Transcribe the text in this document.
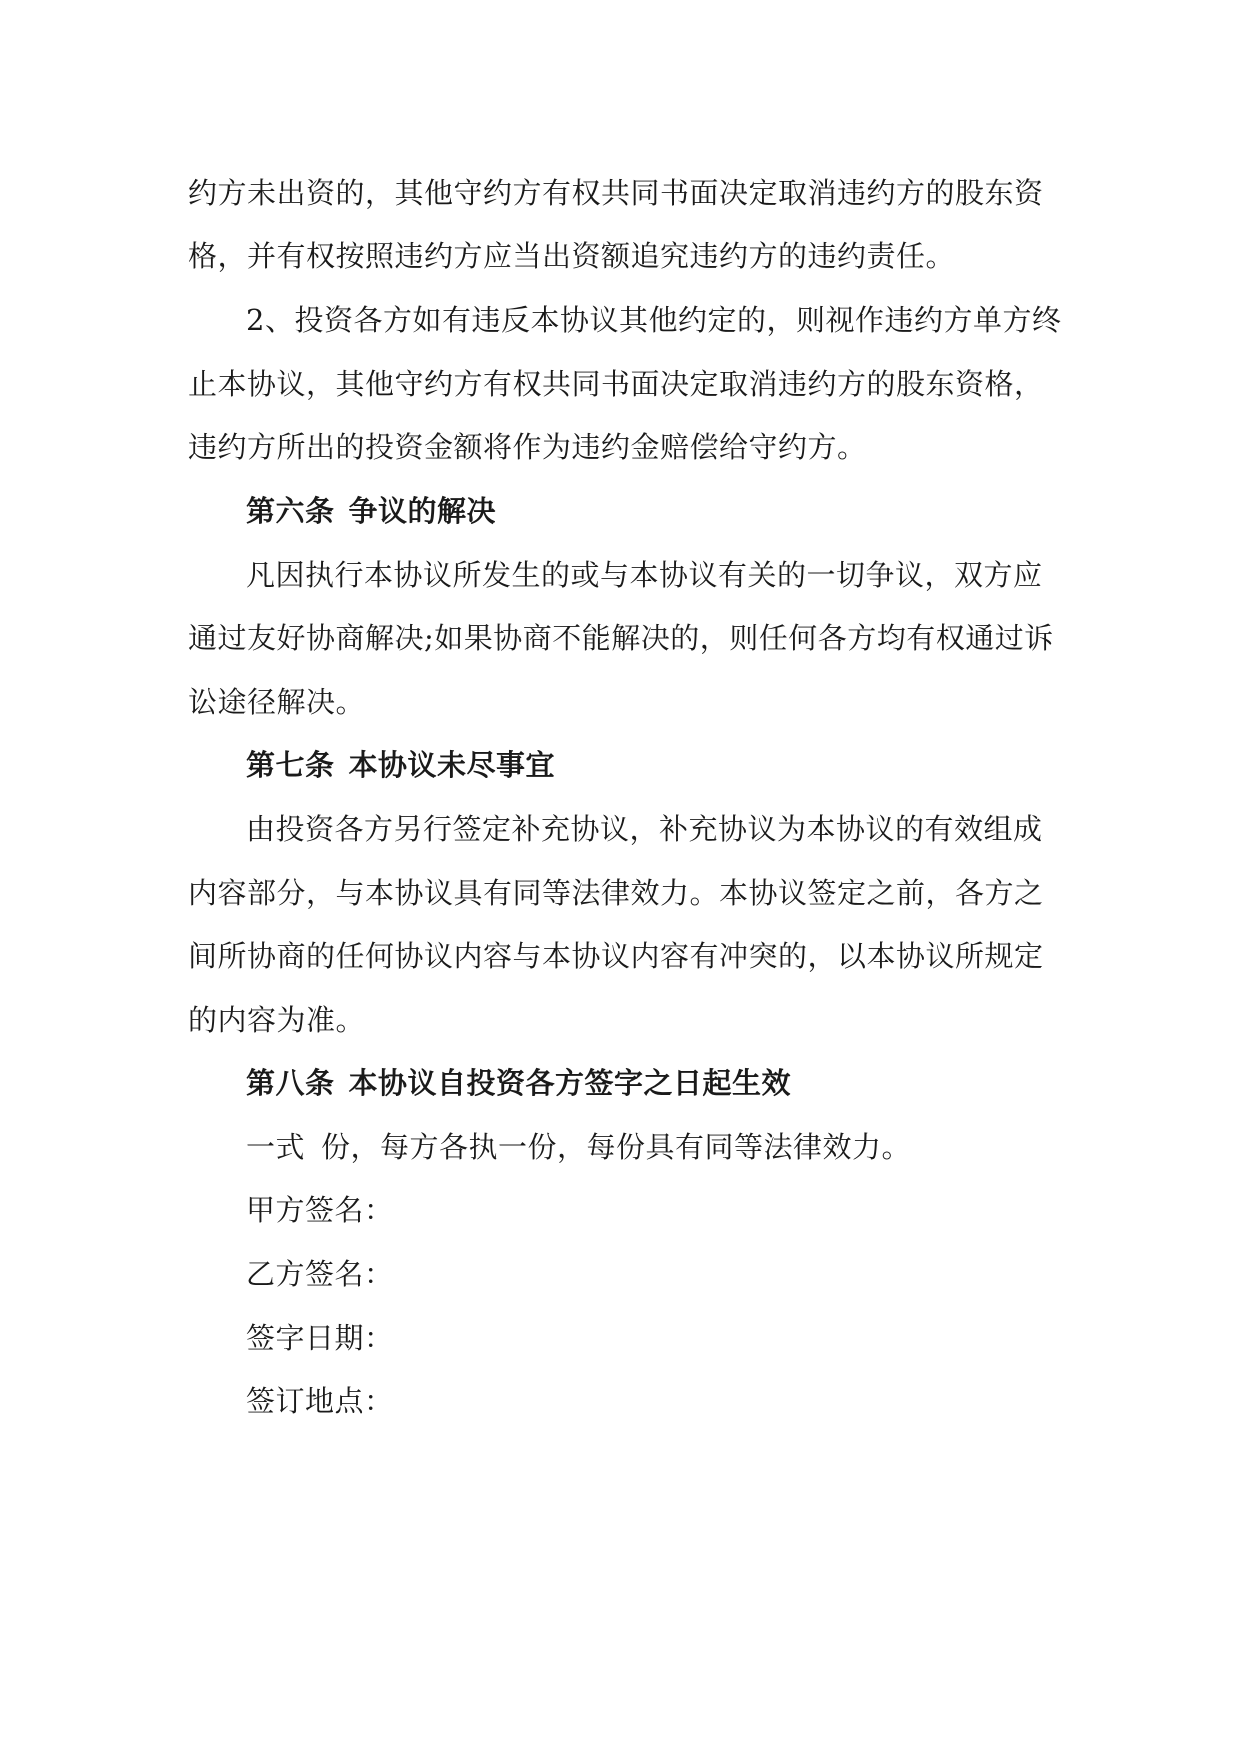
约方未出资的，其他守约方有权共同书面决定取消违约方的股东资
格，并有权按照违约方应当出资额追究违约方的违约责任。
2、投资各方如有违反本协议其他约定的，则视作违约方单方终
止本协议，其他守约方有权共同书面决定取消违约方的股东资格，
违约方所出的投资金额将作为违约金赔偿给守约方。
第六条 争议的解决
凡因执行本协议所发生的或与本协议有关的一切争议，双方应
通过友好协商解决;如果协商不能解决的，则任何各方均有权通过诉
讼途径解决。
第七条 本协议未尽事宜
由投资各方另行签定补充协议，补充协议为本协议的有效组成
内容部分，与本协议具有同等法律效力。本协议签定之前，各方之
间所协商的任何协议内容与本协议内容有冲突的，以本协议所规定
的内容为准。
第八条 本协议自投资各方签字之日起生效
一式 份，每方各执一份，每份具有同等法律效力。
甲方签名：
乙方签名：
签字日期：
签订地点：
